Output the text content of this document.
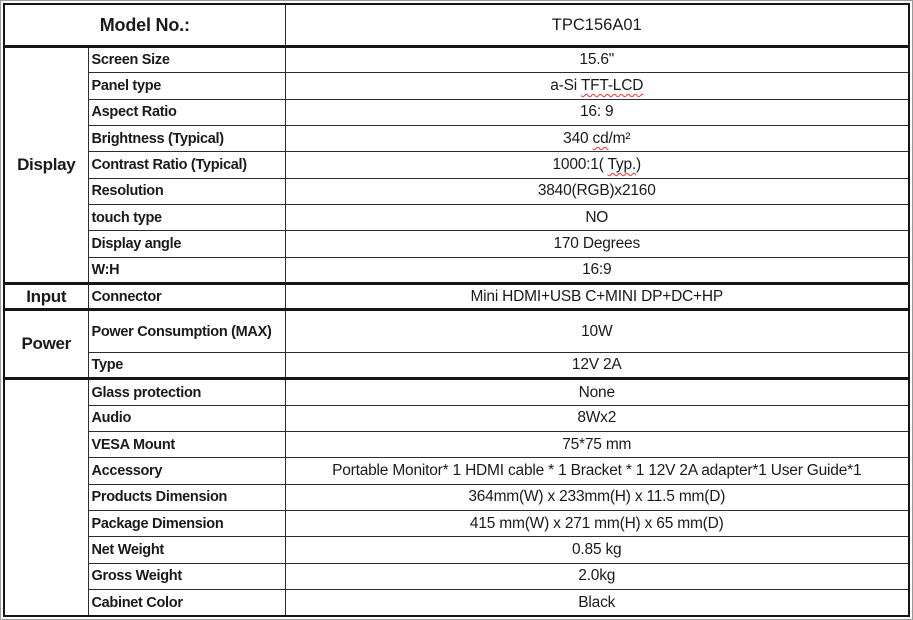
Model No.:		TPC156A01
Display	Screen Size	15.6"
	Panel type	a-Si TFT-LCD
	Aspect Ratio	16: 9
	Brightness (Typical)	340 cd/m²
	Contrast Ratio (Typical)	1000:1( Typ.)
	Resolution	3840(RGB)x2160
	touch type	NO
	Display angle	170 Degrees
	W:H	16:9
Input	Connector	Mini HDMI+USB C+MINI DP+DC+HP
Power	Power Consumption (MAX)	10W
	Type	12V 2A
	Glass protection	None
	Audio	8Wx2
	VESA Mount	75*75 mm
	Accessory	Portable Monitor* 1 HDMI cable * 1 Bracket * 1 12V 2A adapter*1 User Guide*1
	Products Dimension	364mm(W) x 233mm(H) x 11.5 mm(D)
	Package Dimension	415 mm(W) x 271 mm(H) x 65 mm(D)
	Net Weight	0.85 kg
	Gross Weight	2.0kg
	Cabinet Color	Black
